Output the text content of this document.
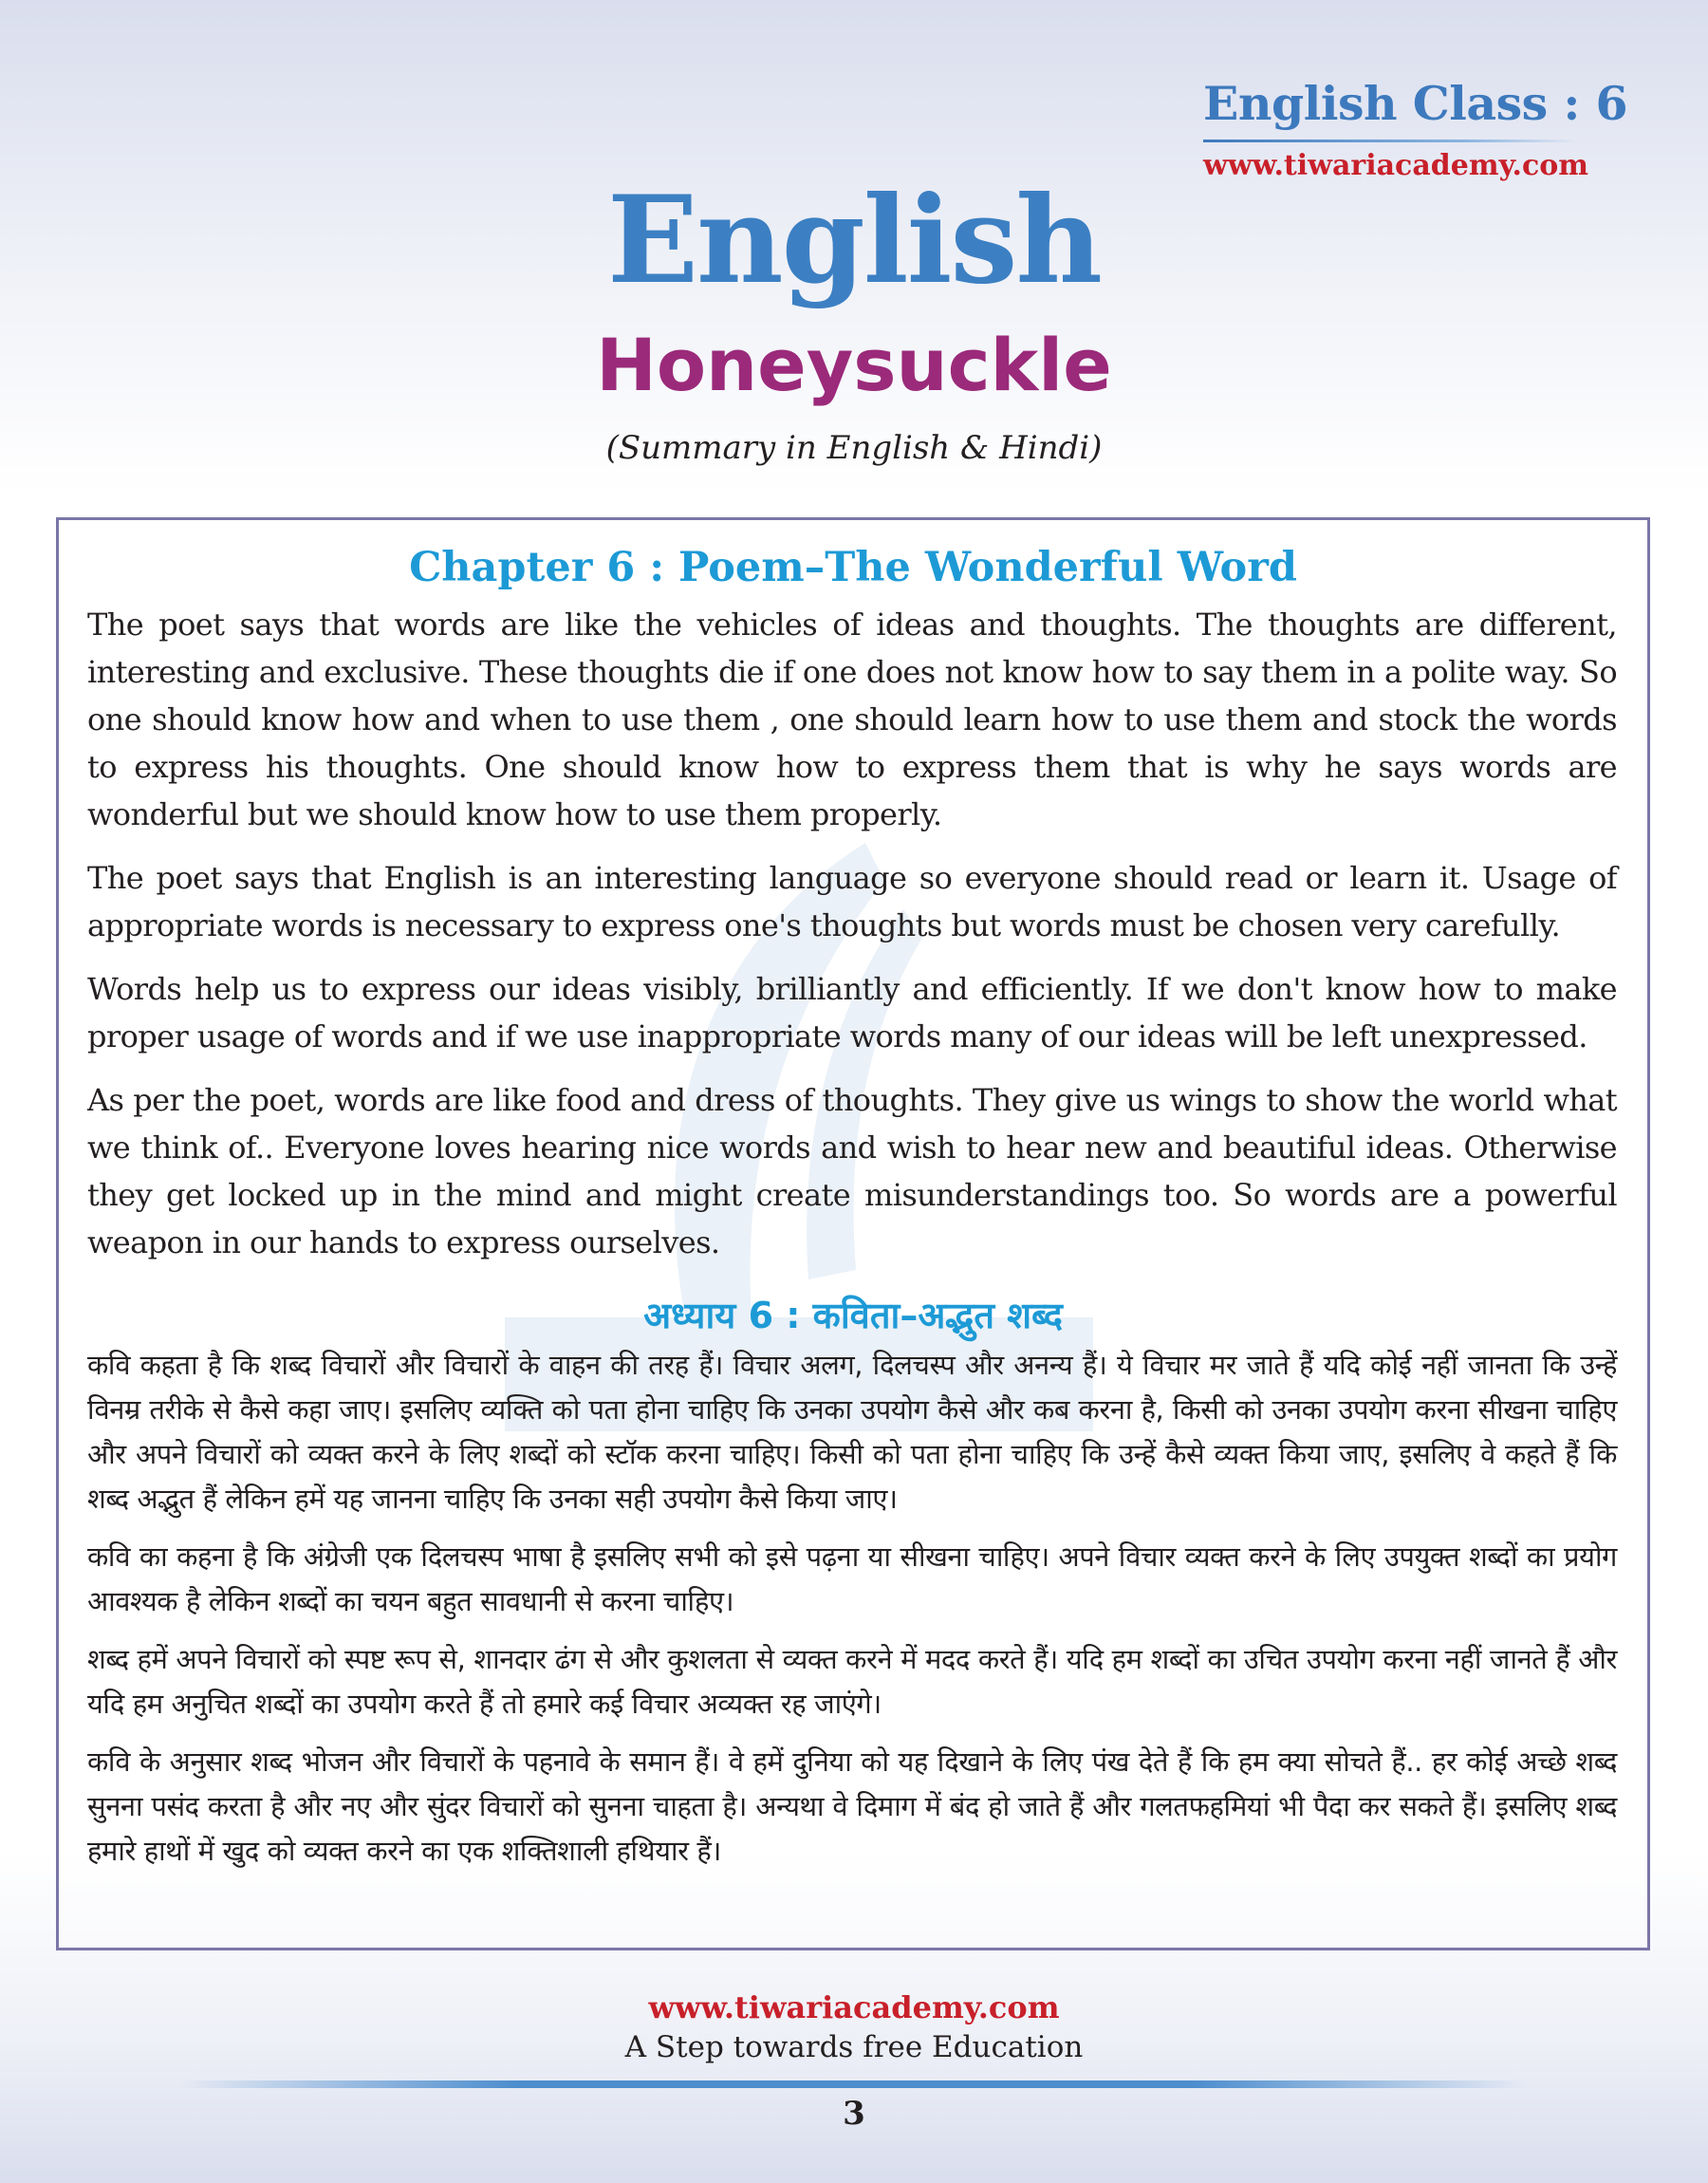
English Class : 6
www.tiwariacademy.com
English
Honeysuckle
(Summary in English & Hindi)
Chapter 6 : Poem–The Wonderful Word

The poet says that words are like the vehicles of ideas and thoughts. The thoughts are different, interesting and exclusive. These thoughts die if one does not know how to say them in a polite way. So one should know how and when to use them , one should learn how to use them and stock the words to express his thoughts. One should know how to express them that is why he says words are wonderful but we should know how to use them properly.

The poet says that English is an interesting language so everyone should read or learn it. Usage of appropriate words is necessary to express one's thoughts but words must be chosen very carefully.

Words help us to express our ideas visibly, brilliantly and efficiently. If we don't know how to make proper usage of words and if we use inappropriate words many of our ideas will be left unexpressed.

As per the poet, words are like food and dress of thoughts. They give us wings to show the world what we think of.. Everyone loves hearing nice words and wish to hear new and beautiful ideas. Otherwise they get locked up in the mind and might create misunderstandings too. So words are a powerful weapon in our hands to express ourselves.

अध्याय 6 : कविता–अद्भुत शब्द

कवि कहता है कि शब्द विचारों और विचारों के वाहन की तरह हैं। विचार अलग, दिलचस्प और अनन्य हैं। ये विचार मर जाते हैं यदि कोई नहीं जानता कि उन्हें विनम्र तरीके से कैसे कहा जाए। इसलिए व्यक्ति को पता होना चाहिए कि उनका उपयोग कैसे और कब करना है, किसी को उनका उपयोग करना सीखना चाहिए और अपने विचारों को व्यक्त करने के लिए शब्दों को स्टॉक करना चाहिए। किसी को पता होना चाहिए कि उन्हें कैसे व्यक्त किया जाए, इसलिए वे कहते हैं कि शब्द अद्भुत हैं लेकिन हमें यह जानना चाहिए कि उनका सही उपयोग कैसे किया जाए।

कवि का कहना है कि अंग्रेजी एक दिलचस्प भाषा है इसलिए सभी को इसे पढ़ना या सीखना चाहिए। अपने विचार व्यक्त करने के लिए उपयुक्त शब्दों का प्रयोग आवश्यक है लेकिन शब्दों का चयन बहुत सावधानी से करना चाहिए।

शब्द हमें अपने विचारों को स्पष्ट रूप से, शानदार ढंग से और कुशलता से व्यक्त करने में मदद करते हैं। यदि हम शब्दों का उचित उपयोग करना नहीं जानते हैं और यदि हम अनुचित शब्दों का उपयोग करते हैं तो हमारे कई विचार अव्यक्त रह जाएंगे।

कवि के अनुसार शब्द भोजन और विचारों के पहनावे के समान हैं। वे हमें दुनिया को यह दिखाने के लिए पंख देते हैं कि हम क्या सोचते हैं.. हर कोई अच्छे शब्द सुनना पसंद करता है और नए और सुंदर विचारों को सुनना चाहता है। अन्यथा वे दिमाग में बंद हो जाते हैं और गलतफहमियां भी पैदा कर सकते हैं। इसलिए शब्द हमारे हाथों में खुद को व्यक्त करने का एक शक्तिशाली हथियार हैं।

www.tiwariacademy.com
A Step towards free Education
3
